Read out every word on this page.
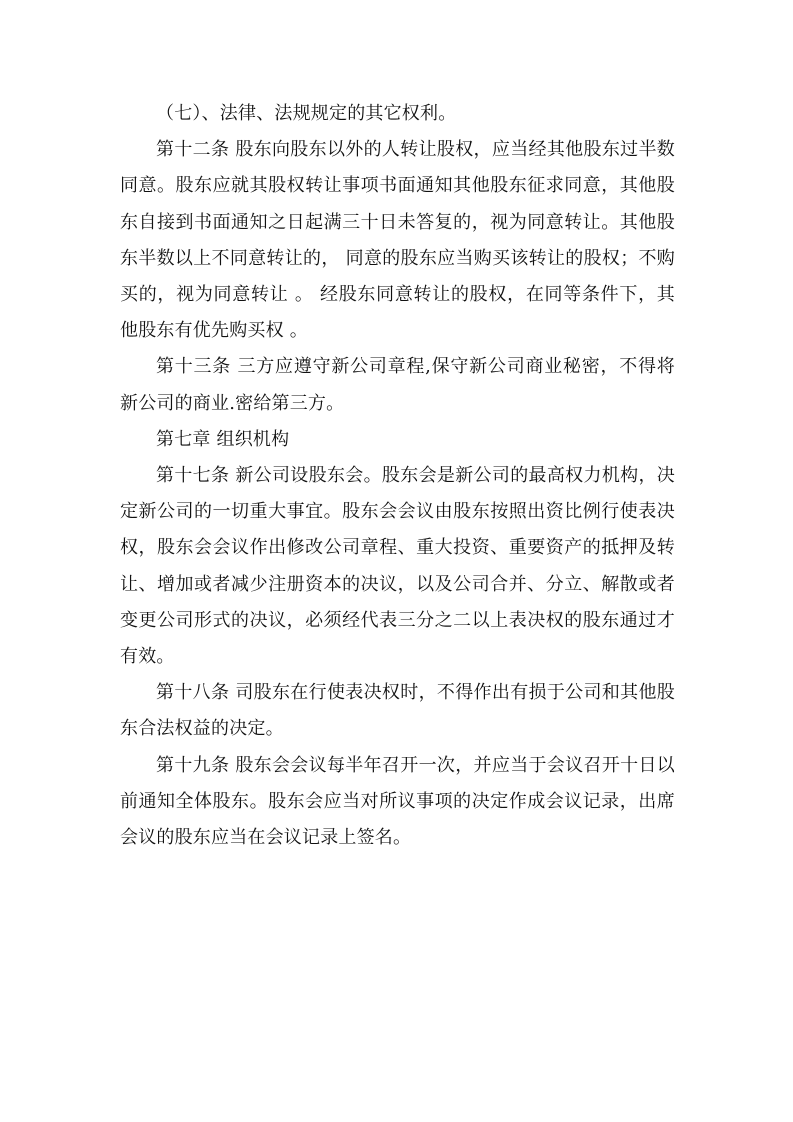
（七）、法律、法规规定的其它权利。

第十二条 股东向股东以外的人转让股权，应当经其他股东过半数同意。股东应就其股权转让事项书面通知其他股东征求同意，其他股东自接到书面通知之日起满三十日未答复的，视为同意转让。其他股东半数以上不同意转让的， 同意的股东应当购买该转让的股权；不购买的，视为同意转让 。 经股东同意转让的股权，在同等条件下，其他股东有优先购买权 。

第十三条 三方应遵守新公司章程,保守新公司商业秘密，不得将新公司的商业.密给第三方。

第七章 组织机构

第十七条 新公司设股东会。股东会是新公司的最高权力机构，决定新公司的一切重大事宜。股东会会议由股东按照出资比例行使表决权，股东会会议作出修改公司章程、重大投资、重要资产的抵押及转让、增加或者减少注册资本的决议，以及公司合并、分立、解散或者变更公司形式的决议，必须经代表三分之二以上表决权的股东通过才有效。

第十八条 司股东在行使表决权时，不得作出有损于公司和其他股东合法权益的决定。

第十九条 股东会会议每半年召开一次，并应当于会议召开十日以前通知全体股东。股东会应当对所议事项的决定作成会议记录，出席会议的股东应当在会议记录上签名。
